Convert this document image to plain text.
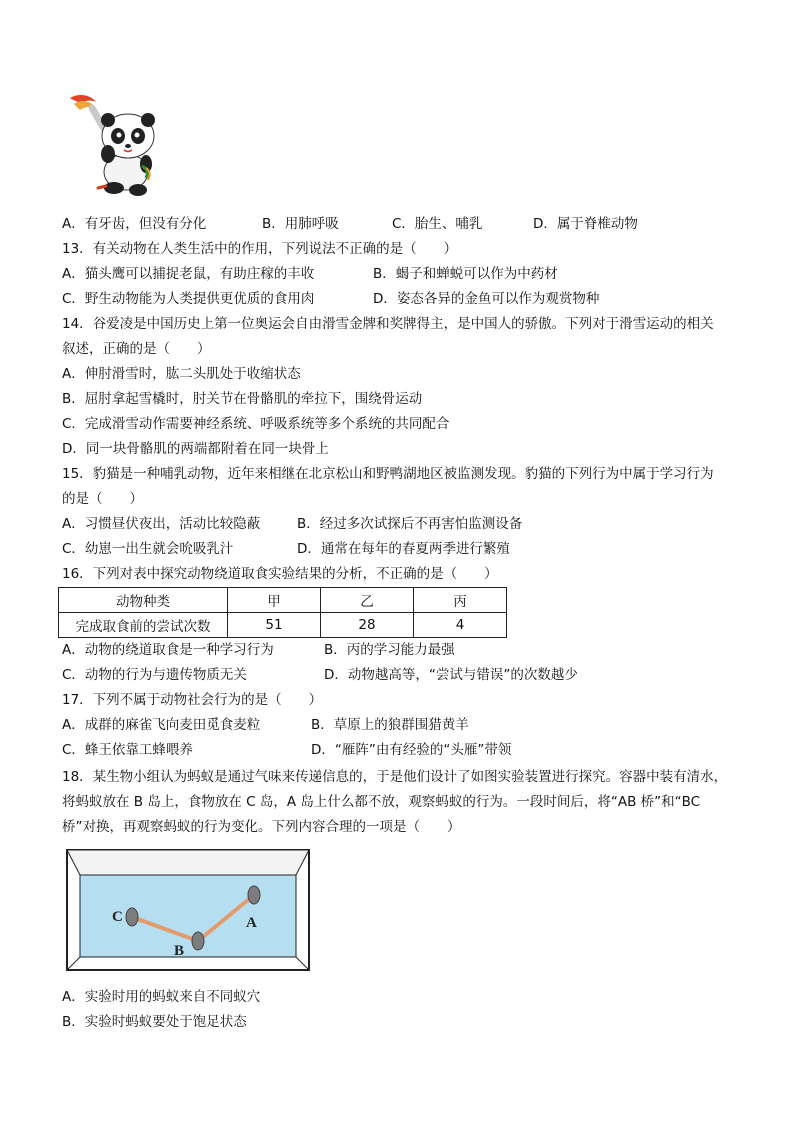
A．有牙齿，但没有分化	B．用肺呼吸	C．胎生、哺乳	D．属于脊椎动物
13．有关动物在人类生活中的作用，下列说法不正确的是（　　）
A．猫头鹰可以捕捉老鼠，有助庄稼的丰收	B．蝎子和蝉蜕可以作为中药材
C．野生动物能为人类提供更优质的食用肉	D．姿态各异的金鱼可以作为观赏物种
14．谷爱凌是中国历史上第一位奥运会自由滑雪金牌和奖牌得主，是中国人的骄傲。下列对于滑雪运动的相关
叙述，正确的是（　　）
A．伸肘滑雪时，肱二头肌处于收缩状态
B．屈肘拿起雪橇时，肘关节在骨骼肌的牵拉下，围绕骨运动
C．完成滑雪动作需要神经系统、呼吸系统等多个系统的共同配合
D．同一块骨骼肌的两端都附着在同一块骨上
15．豹猫是一种哺乳动物，近年来相继在北京松山和野鸭湖地区被监测发现。豹猫的下列行为中属于学习行为
的是（　　）
A．习惯昼伏夜出，活动比较隐蔽	B．经过多次试探后不再害怕监测设备
C．幼崽一出生就会吮吸乳汁	D．通常在每年的春夏两季进行繁殖
16．下列对表中探究动物绕道取食实验结果的分析，不正确的是（　　）
动物种类	甲	乙	丙
完成取食前的尝试次数	51	28	4
A．动物的绕道取食是一种学习行为	B．丙的学习能力最强
C．动物的行为与遗传物质无关	D．动物越高等，“尝试与错误”的次数越少
17．下列不属于动物社会行为的是（　　）
A．成群的麻雀飞向麦田觅食麦粒	B．草原上的狼群围猎黄羊
C．蜂王依靠工蜂喂养	D．“雁阵”由有经验的“头雁”带领
18．某生物小组认为蚂蚁是通过气味来传递信息的，于是他们设计了如图实验装置进行探究。容器中装有清水，
将蚂蚁放在 B 岛上，食物放在 C 岛，A 岛上什么都不放，观察蚂蚁的行为。一段时间后，将“AB 桥”和“BC
桥”对换，再观察蚂蚁的行为变化。下列内容合理的一项是（　　）
C
B
A
A．实验时用的蚂蚁来自不同蚁穴
B．实验时蚂蚁要处于饱足状态
